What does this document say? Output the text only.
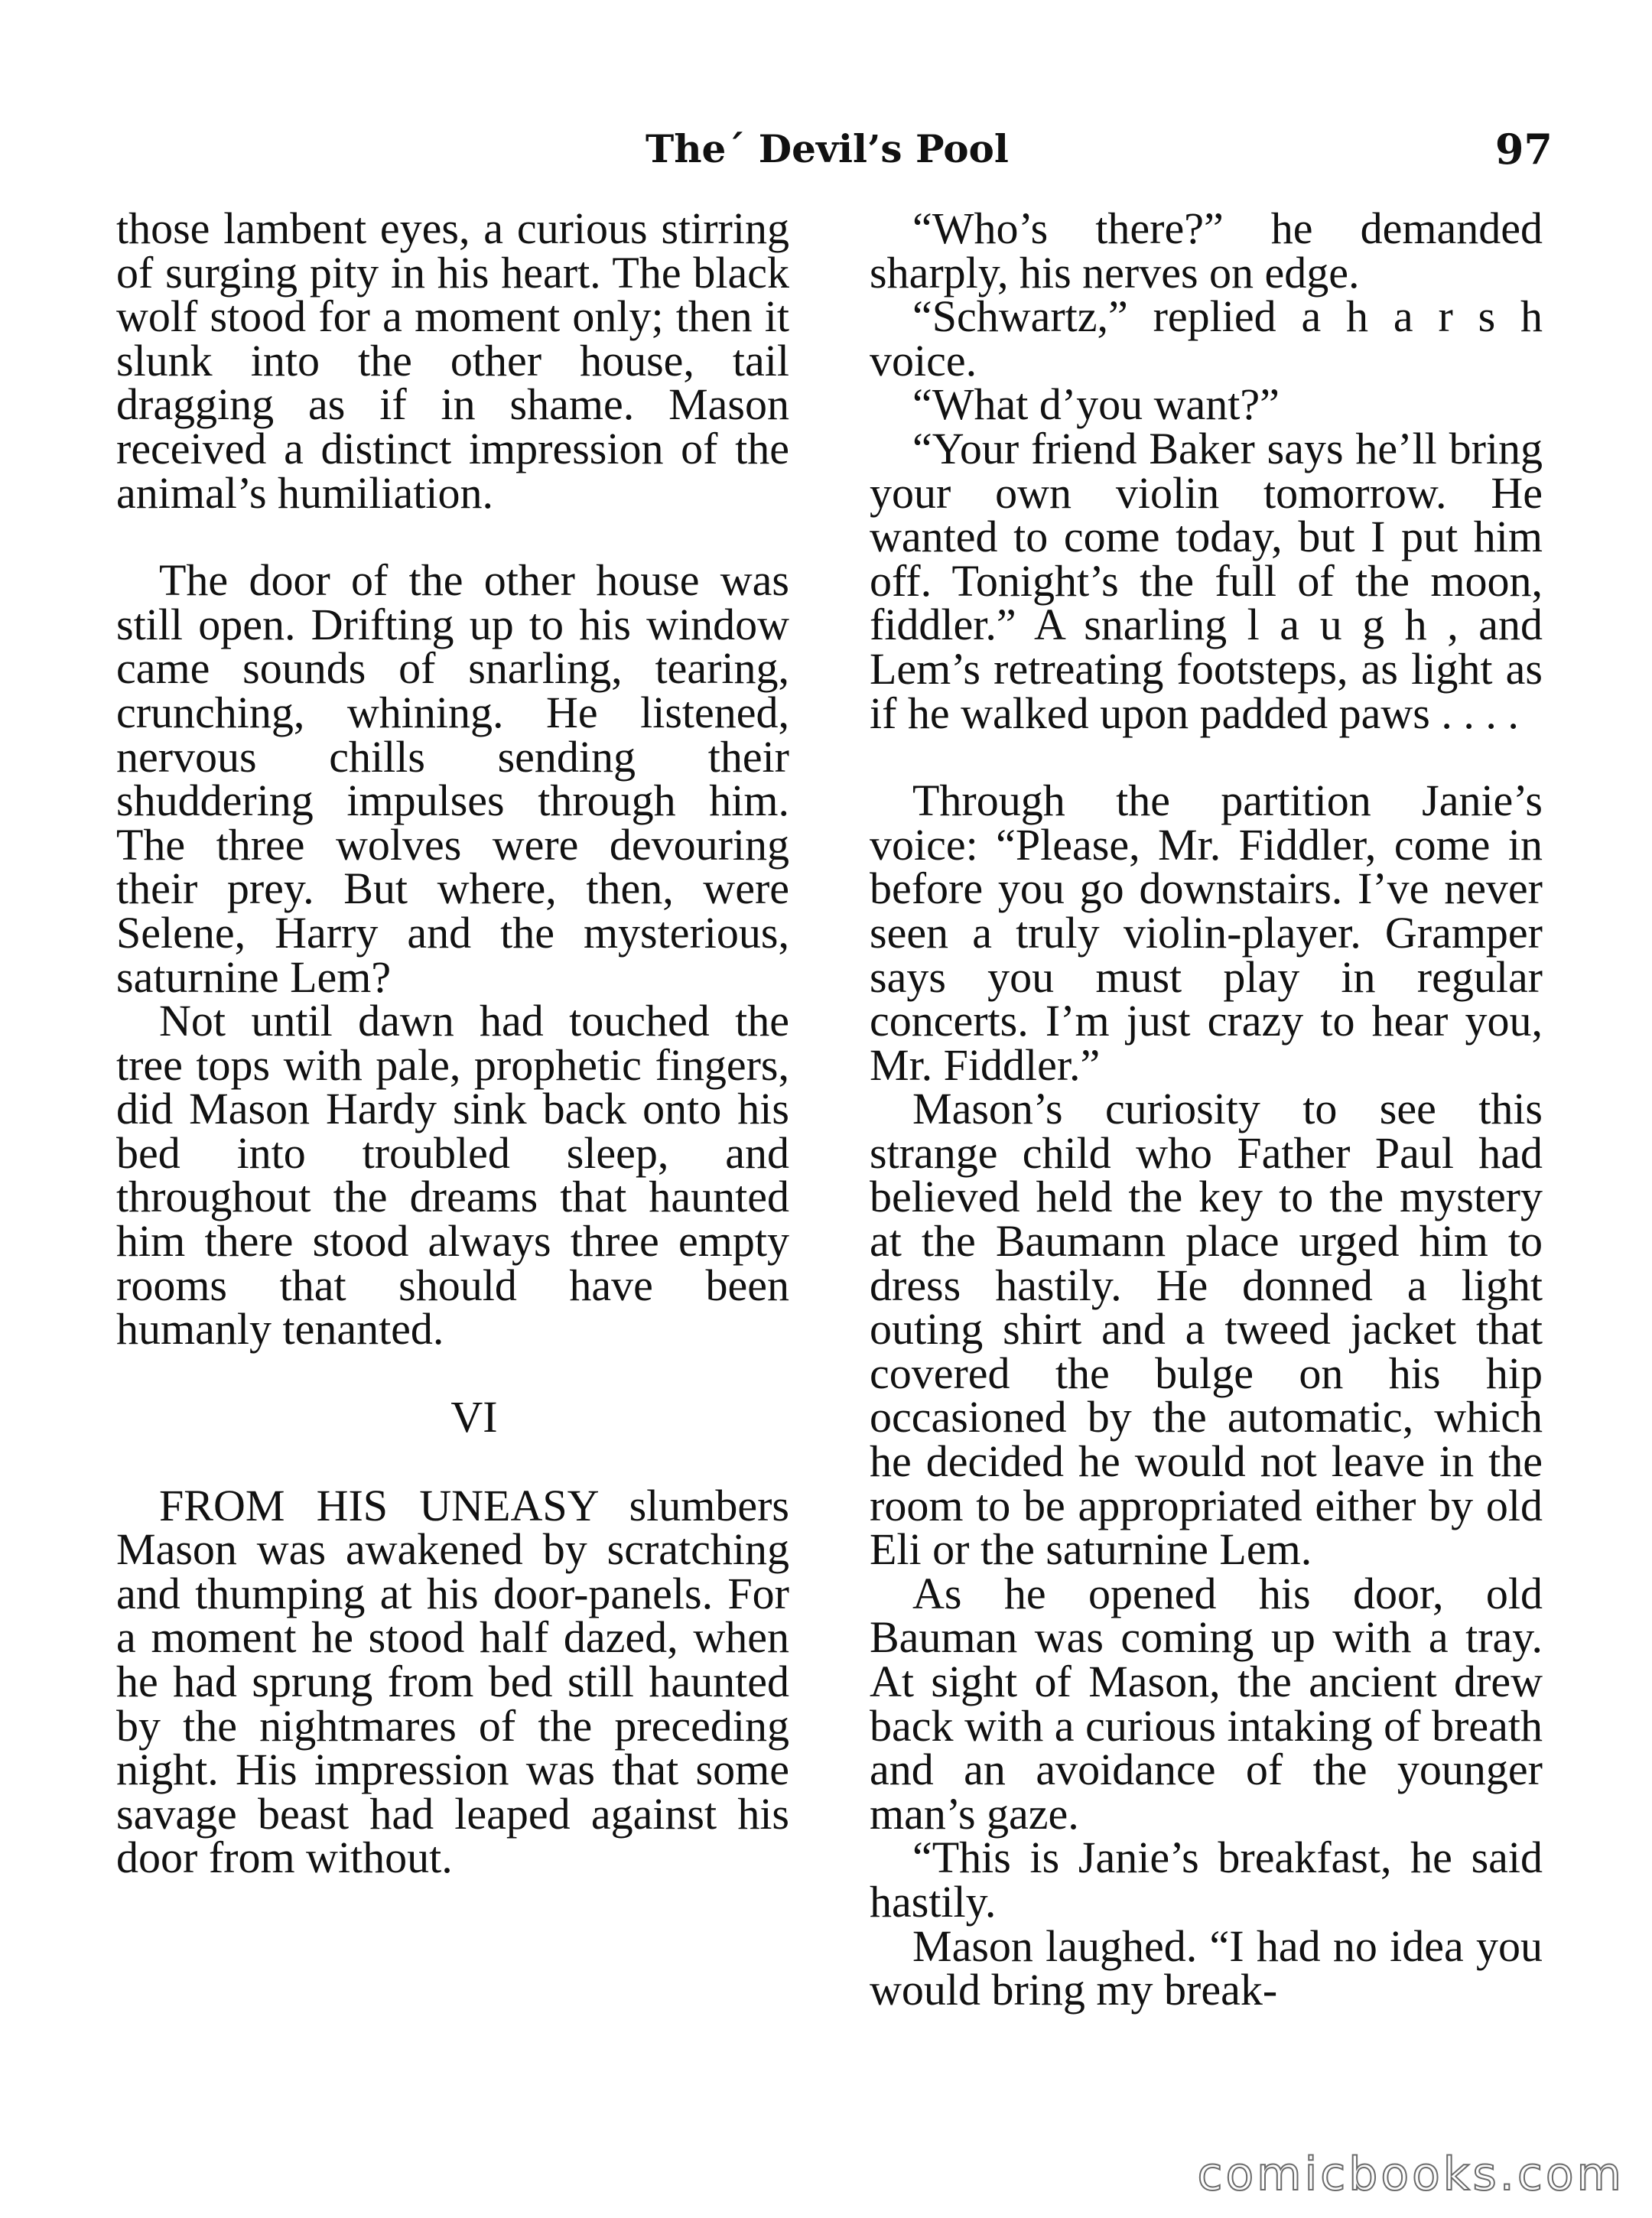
The´ Devil’s Pool	97

those lambent eyes, a curious stirring of surging pity in his heart. The black wolf stood for a moment only; then it slunk into the other house, tail dragging as if in shame. Mason received a distinct impression of the animal’s humiliation.

The door of the other house was still open. Drifting up to his window came sounds of snarling, tearing, crunching, whining. He listened, nervous chills sending their shuddering impulses through him. The three wolves were devouring their prey. But where, then, were Selene, Harry and the mysterious, saturnine Lem?

Not until dawn had touched the tree tops with pale, prophetic fingers, did Mason Hardy sink back onto his bed into troubled sleep, and throughout the dreams that haunted him there stood always three empty rooms that should have been humanly tenanted.

VI

FROM HIS UNEASY slumbers Mason was awakened by scratching and thumping at his door-panels. For a moment he stood half dazed, when he had sprung from bed still haunted by the nightmares of the preceding night. His impression was that some savage beast had leaped against his door from without.

“Who’s there?” he demanded sharply, his nerves on edge.

“Schwartz,” replied a h a r s h voice.

“What d’you want?”

“Your friend Baker says he’ll bring your own violin tomorrow. He wanted to come today, but I put him off. Tonight’s the full of the moon, fiddler.” A snarling l a u g h , and Lem’s retreating footsteps, as light as if he walked upon padded paws . . . .

Through the partition Janie’s voice: “Please, Mr. Fiddler, come in before you go downstairs. I’ve never seen a truly violin-player. Gramper says you must play in regular concerts. I’m just crazy to hear you, Mr. Fiddler.”

Mason’s curiosity to see this strange child who Father Paul had believed held the key to the mystery at the Baumann place urged him to dress hastily. He donned a light outing shirt and a tweed jacket that covered the bulge on his hip occasioned by the automatic, which he decided he would not leave in the room to be appropriated either by old Eli or the saturnine Lem.

As he opened his door, old Bauman was coming up with a tray. At sight of Mason, the ancient drew back with a curious intaking of breath and an avoidance of the younger man’s gaze.

“This is Janie’s breakfast, he said hastily.

Mason laughed. “I had no idea you would bring my break-

comicbooks.com
